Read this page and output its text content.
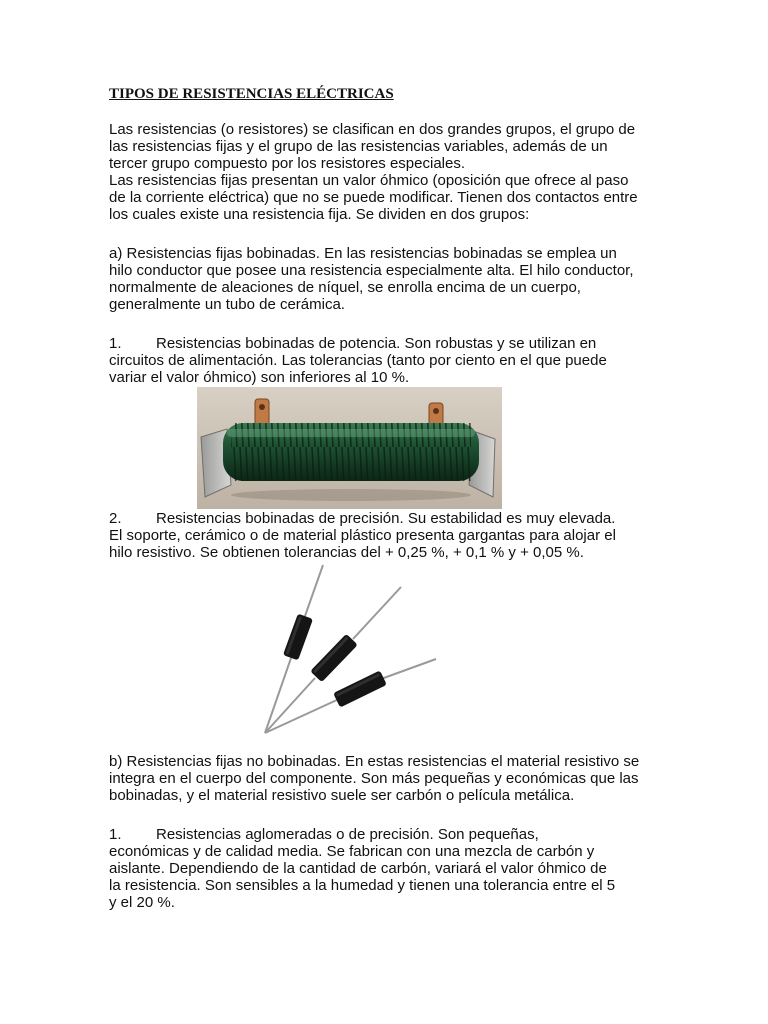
TIPOS DE RESISTENCIAS ELÉCTRICAS
Las resistencias (o resistores) se clasifican en dos grandes grupos, el grupo de
las resistencias fijas y el grupo de las resistencias variables, además de un
tercer grupo compuesto por los resistores especiales.
Las resistencias fijas presentan un valor óhmico (oposición que ofrece al paso
de la corriente eléctrica) que no se puede modificar. Tienen dos contactos entre
los cuales existe una resistencia fija. Se dividen en dos grupos:
a) Resistencias fijas bobinadas. En las resistencias bobinadas se emplea un
hilo conductor que posee una resistencia especialmente alta. El hilo conductor,
normalmente de aleaciones de níquel, se enrolla encima de un cuerpo,
generalmente un tubo de cerámica.
1. Resistencias bobinadas de potencia. Son robustas y se utilizan en
circuitos de alimentación. Las tolerancias (tanto por ciento en el que puede
variar el valor óhmico) son inferiores al 10 %.
2. Resistencias bobinadas de precisión. Su estabilidad es muy elevada.
El soporte, cerámico o de material plástico presenta gargantas para alojar el
hilo resistivo. Se obtienen tolerancias del + 0,25 %, + 0,1 % y + 0,05 %.
b) Resistencias fijas no bobinadas. En estas resistencias el material resistivo se
integra en el cuerpo del componente. Son más pequeñas y económicas que las
bobinadas, y el material resistivo suele ser carbón o película metálica.
1. Resistencias aglomeradas o de precisión. Son pequeñas,
económicas y de calidad media. Se fabrican con una mezcla de carbón y
aislante. Dependiendo de la cantidad de carbón, variará el valor óhmico de
la resistencia. Son sensibles a la humedad y tienen una tolerancia entre el 5
y el 20 %.
